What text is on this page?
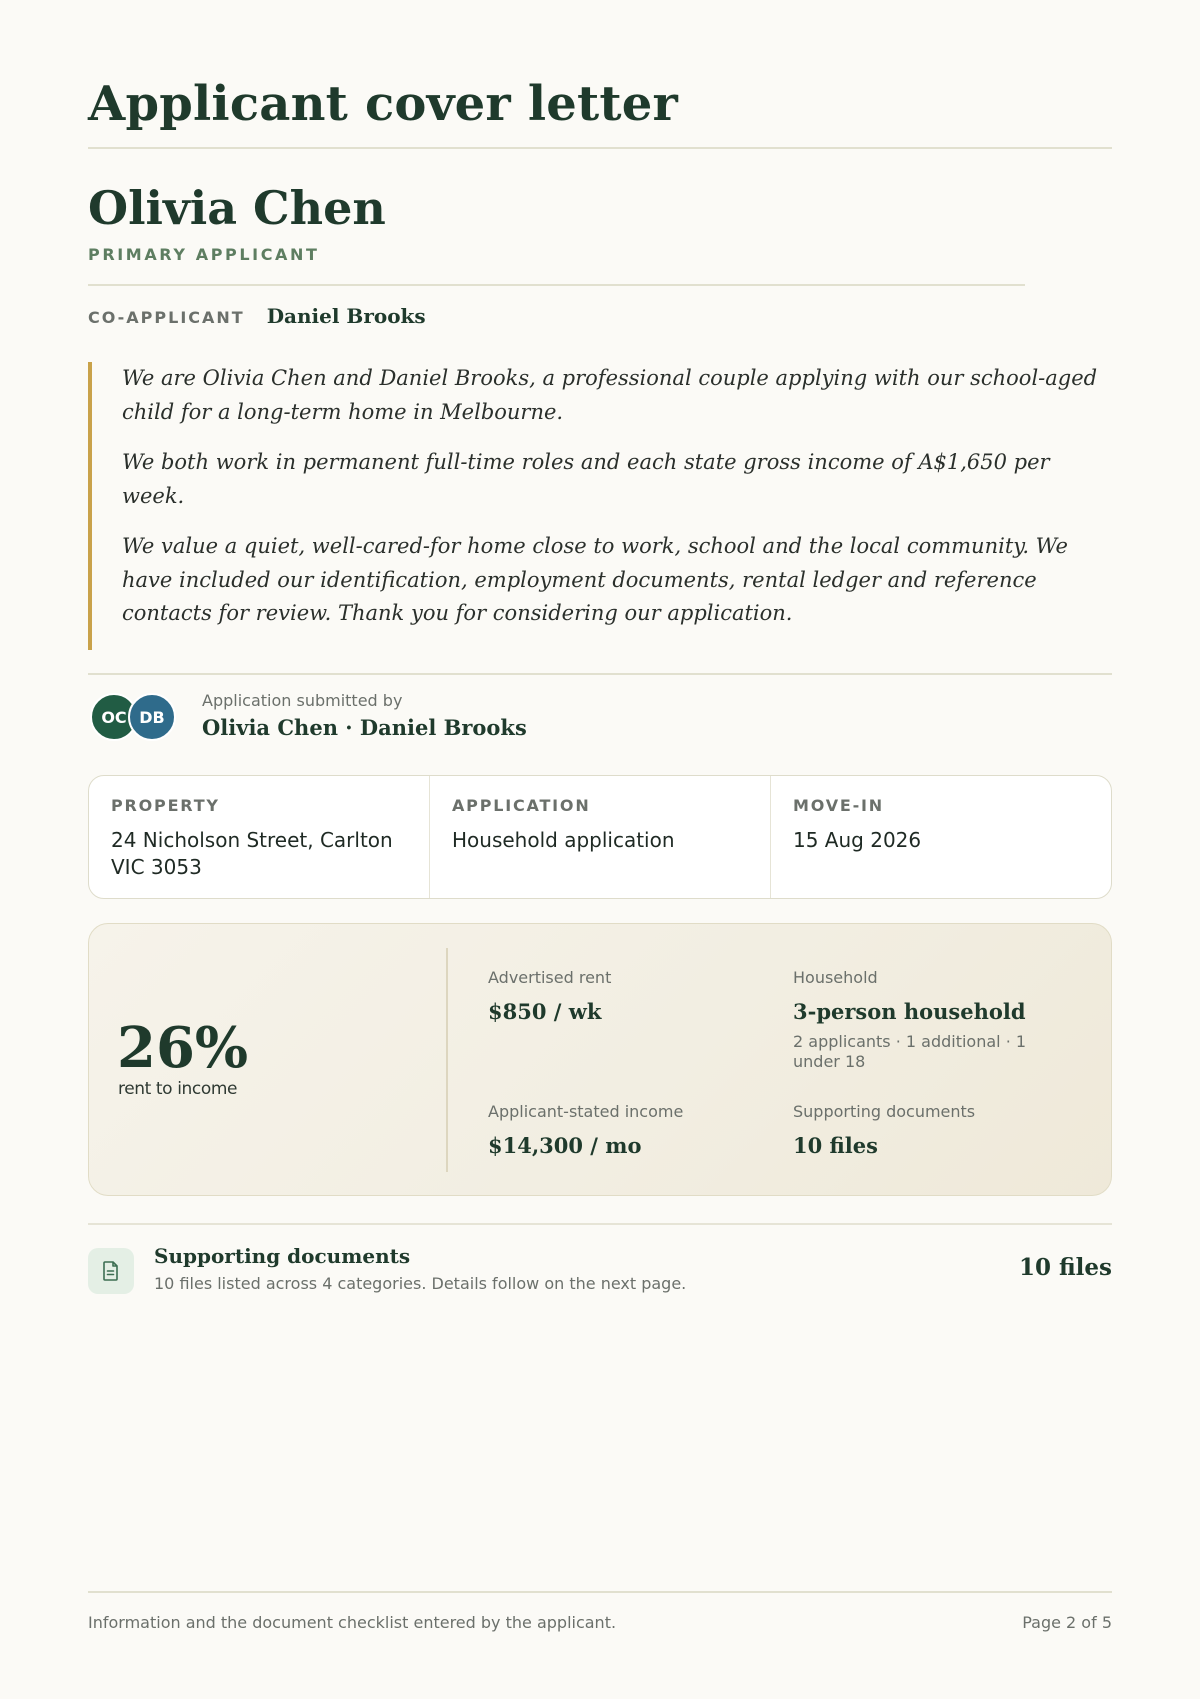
Applicant cover letter
Olivia Chen
PRIMARY APPLICANT
CO-APPLICANT Daniel Brooks

We are Olivia Chen and Daniel Brooks, a professional couple applying with our school-aged child for a long-term home in Melbourne.

We both work in permanent full-time roles and each state gross income of A$1,650 per week.

We value a quiet, well-cared-for home close to work, school and the local community. We have included our identification, employment documents, rental ledger and reference contacts for review. Thank you for considering our application.

OC DB
Application submitted by
Olivia Chen · Daniel Brooks
PROPERTY
24 Nicholson Street, Carlton VIC 3053
APPLICATION
Household application
MOVE-IN
15 Aug 2026
26%
rent to income
Advertised rent
$850 / wk
Household
3-person household
2 applicants · 1 additional · 1 under 18
Applicant-stated income
$14,300 / mo
Supporting documents
10 files
Supporting documents
10 files listed across 4 categories. Details follow on the next page.
10 files
Information and the document checklist entered by the applicant.	Page 2 of 5
